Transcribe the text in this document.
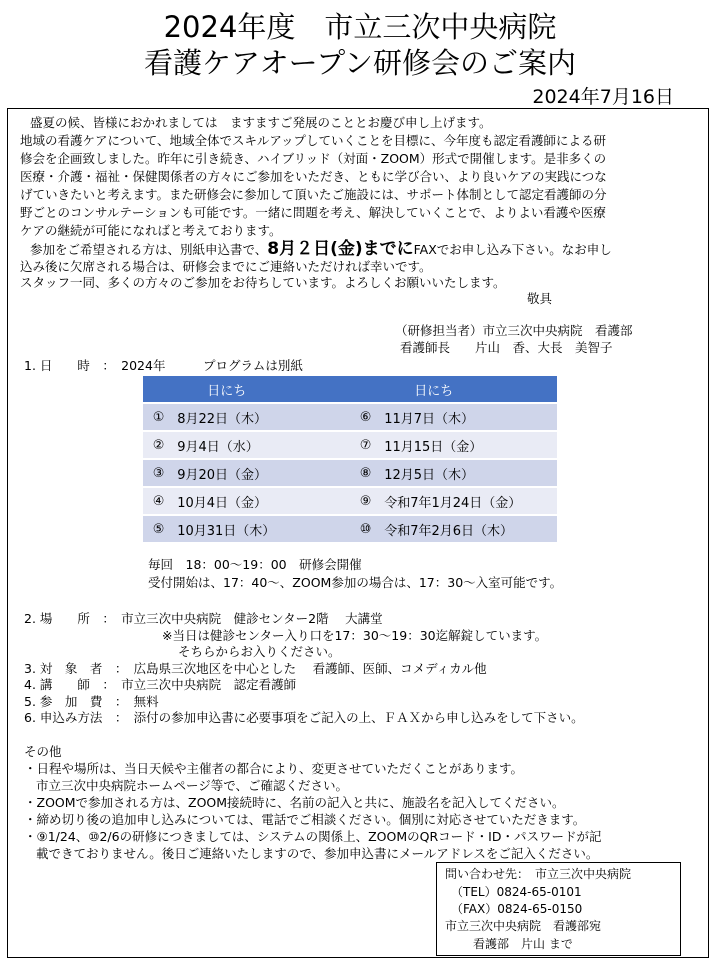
2024年度　市立三次中央病院
看護ケアオープン研修会のご案内
2024年7月16日
盛夏の候、皆様におかれましては　ますますご発展のこととお慶び申し上げます。
地域の看護ケアについて、地域全体でスキルアップしていくことを目標に、今年度も認定看護師による研
修会を企画致しました。昨年に引き続き、ハイブリッド（対面・ZOOM）形式で開催します。是非多くの
医療・介護・福祉・保健関係者の方々にご参加をいただき、ともに学び合い、より良いケアの実践につな
げていきたいと考えます。また研修会に参加して頂いたご施設には、サポート体制として認定看護師の分
野ごとのコンサルテーションも可能です。一緒に問題を考え、解決していくことで、よりよい看護や医療
ケアの継続が可能になればと考えております。
参加をご希望される方は、別紙申込書で、8月２日(金)までにFAXでお申し込み下さい。なお申し
込み後に欠席される場合は、研修会までにご連絡いただければ幸いです。
スタッフ一同、多くの方々のご参加をお待ちしています。よろしくお願いいたします。
敬具
（研修担当者）市立三次中央病院　看護部
看護師長　　片山　香、大長　美智子
1. 日　　時　：　2024年　　　プログラムは別紙
	日にち		日にち
①	8月22日（木）	⑥	11月7日（木）
②	9月4日（水）	⑦	11月15日（金）
③	9月20日（金）	⑧	12月5日（木）
④	10月4日（金）	⑨	令和7年1月24日（金）
⑤	10月31日（木）	⑩	令和7年2月6日（木）
毎回　18：00～19：00　研修会開催
受付開始は、17：40～、ZOOM参加の場合は、17：30～入室可能です。
2. 場　　所　：　市立三次中央病院　健診センター2階　 大講堂
※当日は健診センター入り口を17：30～19：30迄解錠しています。
そちらからお入りください。
3. 対　象　者　：　広島県三次地区を中心とした　 看護師、医師、コメディカル他
4. 講　　師　：　市立三次中央病院　認定看護師
5. 参　加　費　：　無料
6. 申込み方法　：　添付の参加申込書に必要事項をご記入の上、ＦＡＸから申し込みをして下さい。
その他
・日程や場所は、当日天候や主催者の都合により、変更させていただくことがあります。
市立三次中央病院ホームページ等で、ご確認ください。
・ZOOMで参加される方は、ZOOM接続時に、名前の記入と共に、施設名を記入してください。
・締め切り後の追加申し込みについては、電話でご相談ください。個別に対応させていただきます。
・⑨1/24、⑩2/6の研修につきましては、システムの関係上、ZOOMのQRコード・ID・パスワードが記
載できておりません。後日ご連絡いたしますので、参加申込書にメールアドレスをご記入ください。
問い合わせ先：　市立三次中央病院
（TEL）0824-65-0101
（FAX）0824-65-0150
市立三次中央病院　看護部宛
看護部　片山 まで
